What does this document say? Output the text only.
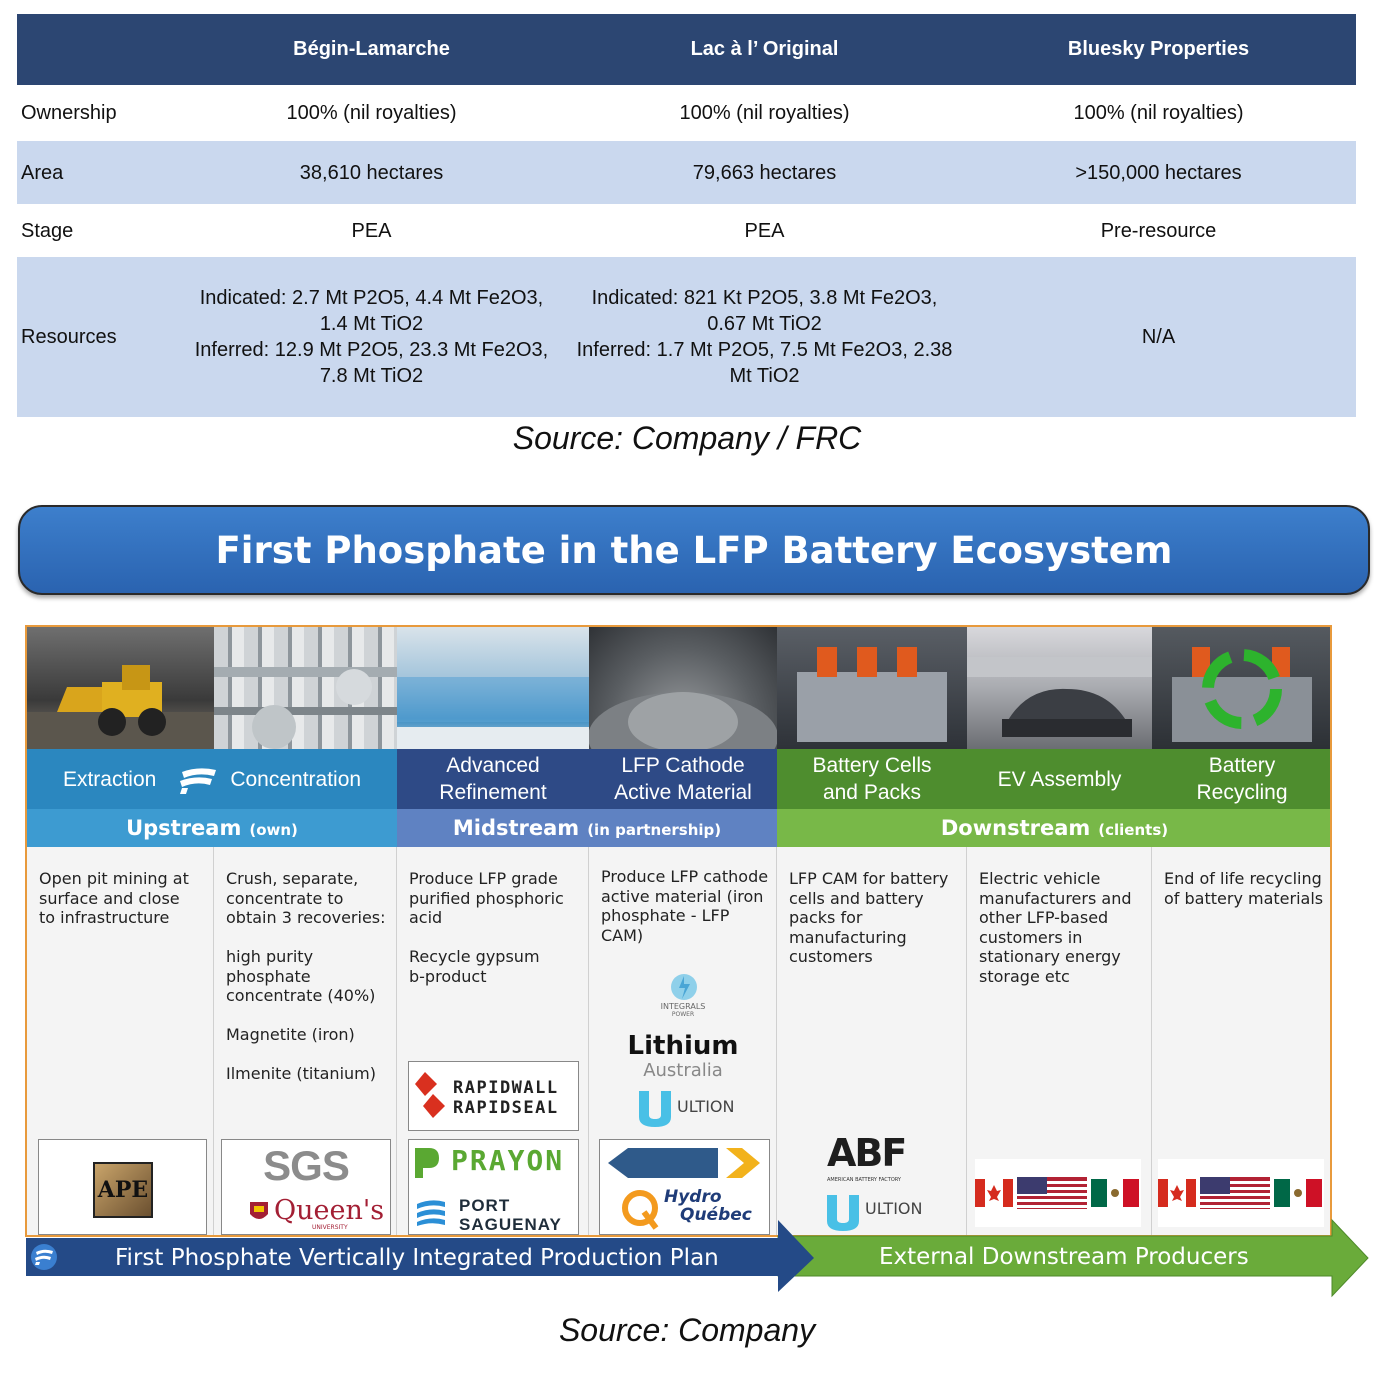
	Bégin-Lamarche	Lac à l’ Original	Bluesky Properties
Ownership	100% (nil royalties)	100% (nil royalties)	100% (nil royalties)
Area	38,610 hectares	79,663 hectares	>150,000 hectares
Stage	PEA	PEA	Pre-resource
Resources	Indicated: 2.7 Mt P2O5, 4.4 Mt Fe2O3,
1.4 Mt TiO2
Inferred: 12.9 Mt P2O5, 23.3 Mt Fe2O3,
7.8 Mt TiO2	Indicated: 821 Kt P2O5, 3.8 Mt Fe2O3,
0.67 Mt TiO2
Inferred: 1.7 Mt P2O5, 7.5 Mt Fe2O3, 2.38
Mt TiO2	N/A
Source: Company / FRC
First Phosphate in the LFP Battery Ecosystem
Extraction	Concentration
Advanced
Refinement
LFP Cathode
Active Material
Battery Cells
and Packs
EV Assembly
Battery
Recycling
Upstream (own)	Midstream (in partnership)	Downstream (clients)
Open pit mining at
surface and close
to infrastructure
APE
Crush, separate,
concentrate to
obtain 3 recoveries:

high purity
phosphate
concentrate (40%)

Magnetite (iron)

Ilmenite (titanium)
SGS
Queen's
UNIVERSITY
Produce LFP grade
purified phosphoric
acid

Recycle gypsum
b-product
RAPIDWALL
RAPIDSEAL
PRAYON
PORT
SAGUENAY
Produce LFP cathode
active material (iron
phosphate - LFP
CAM)
INTEGRALS
POWER
Lithium
Australia
ULTION
Hydro
Québec
LFP CAM for battery
cells and battery
packs for
manufacturing
customers
ABF
AMERICAN BATTERY FACTORY
ULTION
Electric vehicle
manufacturers and
other LFP-based
customers in
stationary energy
storage etc
End of life recycling
of battery materials
First Phosphate Vertically Integrated Production Plan	External Downstream Producers
Source: Company
